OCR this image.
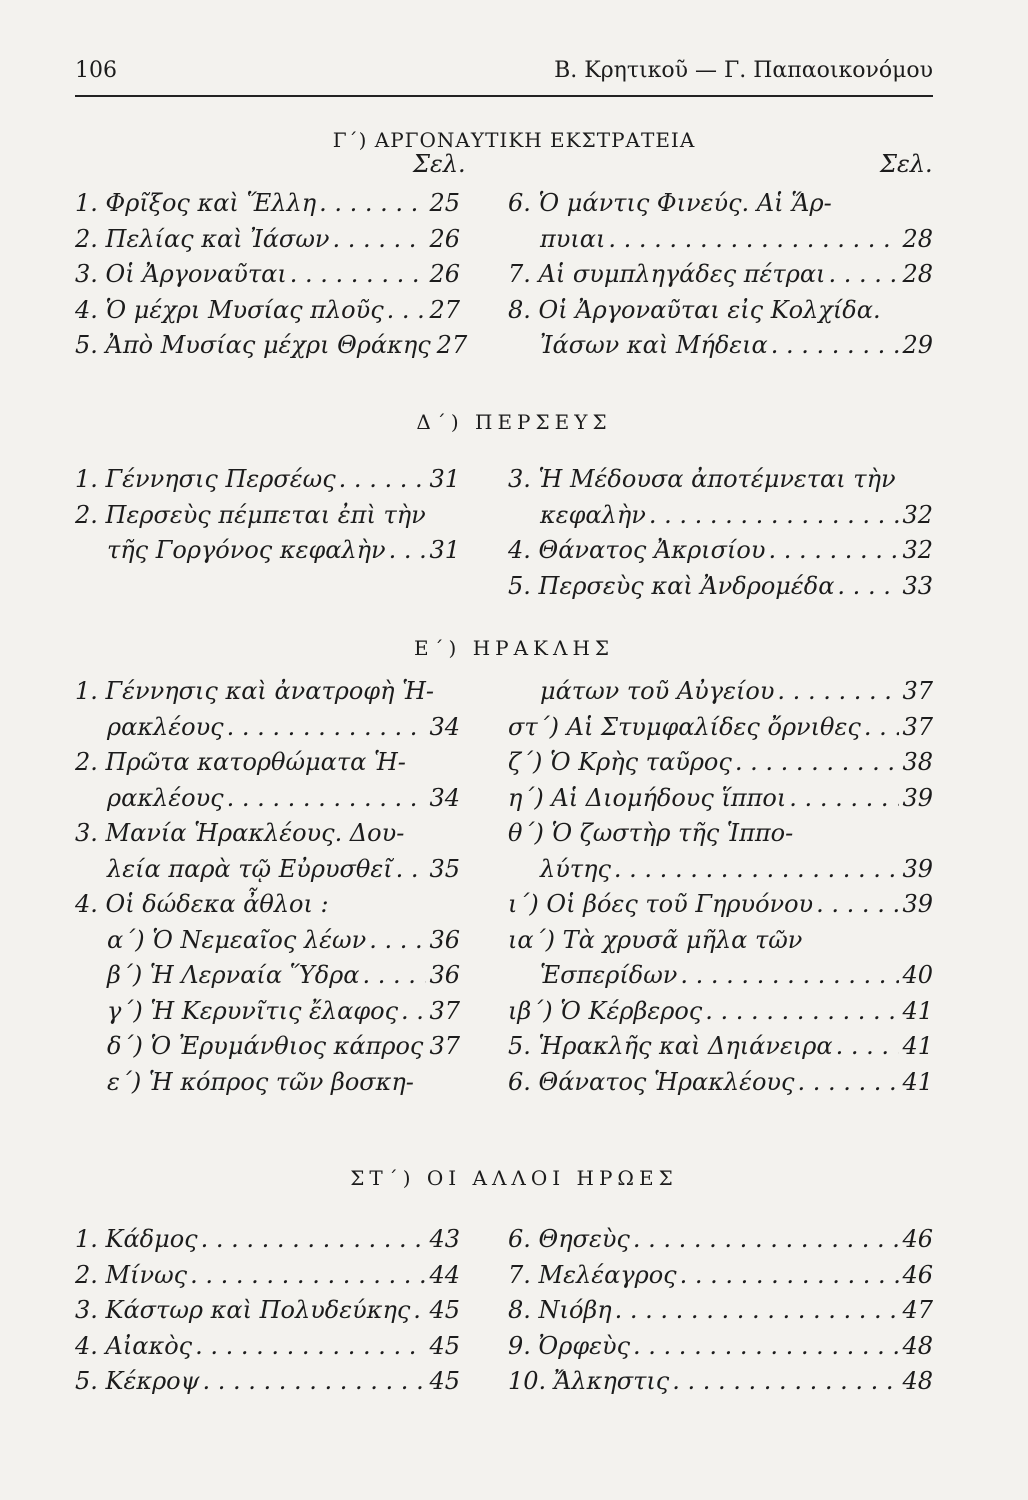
106	Β. Κρητικοῦ — Γ. Παπαοικονόμου
Γ΄) ΑΡΓΟΝΑΥΤΙΚΗ ΕΚΣΤΡΑΤΕΙΑ
Σελ.	Σελ.
1. Φρῖξος καὶ Ἕλλη . . .	25
2. Πελίας καὶ Ἰάσων . . .	26
3. Οἱ Ἀργοναῦται . . .	26
4. Ὁ μέχρι Μυσίας πλοῦς . . . 27
5. Ἀπὸ Μυσίας μέχρι Θράκης 27
6. Ὁ μάντις Φινεύς. Αἱ Ἅρ-
πυιαι . . .	28
7. Αἱ συμπληγάδες πέτραι . . .	28
8. Οἱ Ἀργοναῦται εἰς Κολχίδα.
Ἰάσων καὶ Μήδεια . . .	29
Δ΄) ΠΕΡΣΕΥΣ
1. Γέννησις Περσέως . . .	31
2. Περσεὺς πέμπεται ἐπὶ τὴν
τῆς Γοργόνος κεφαλὴν . . . 31
3. Ἡ Μέδουσα ἀποτέμνεται τὴν
κεφαλὴν . . .	32
4. Θάνατος Ἀκρισίου . . .	32
5. Περσεὺς καὶ Ἀνδρομέδα . . .	33
Ε΄) ΗΡΑΚΛΗΣ
1. Γέννησις καὶ ἀνατροφὴ Ἡ-
ρακλέους . . .	34
2. Πρῶτα κατορθώματα Ἡ-
ρακλέους . . .	34
3. Μανία Ἡρακλέους. Δου-
λεία παρὰ τῷ Εὐρυσθεῖ . . . 35
4. Οἱ δώδεκα ἆθλοι :
α΄) Ὁ Νεμεαῖος λέων . . .	36
β΄) Ἡ Λερναία Ὕδρα . . .	36
γ΄) Ἡ Κερυνῖτις ἔλαφος . . . 37
δ΄) Ὁ Ἐρυμάνθιος κάπρος . . . 37
ε΄) Ἡ κόπρος τῶν βοσκη-
μάτων τοῦ Αὐγείου . . .	37
στ΄) Αἱ Στυμφαλίδες ὄρνιθες . . . 37
ζ΄) Ὁ Κρὴς ταῦρος . . .	38
η΄) Αἱ Διομήδους ἵπποι . . .	39
θ΄) Ὁ ζωστὴρ τῆς Ἱππο-
λύτης . . .	39
ι΄) Οἱ βόες τοῦ Γηρυόνου . . .	39
ια΄) Τὰ χρυσᾶ μῆλα τῶν
Ἑσπερίδων . . .	40
ιβ΄) Ὁ Κέρβερος . . .	41
5. Ἡρακλῆς καὶ Δηιάνειρα . . .	41
6. Θάνατος Ἡρακλέους . . .	41
ΣΤ΄) ΟΙ ΑΛΛΟΙ ΗΡΩΕΣ
1. Κάδμος . . .	43
2. Μίνως . . .	44
3. Κάστωρ καὶ Πολυδεύκης . . . 45
4. Αἰακὸς . . .	45
5. Κέκροψ . . .	45
6. Θησεὺς . . .	46
7. Μελέαγρος . . .	46
8. Νιόβη . . .	47
9. Ὀρφεὺς . . .	48
10. Ἄλκηστις . . .	48
